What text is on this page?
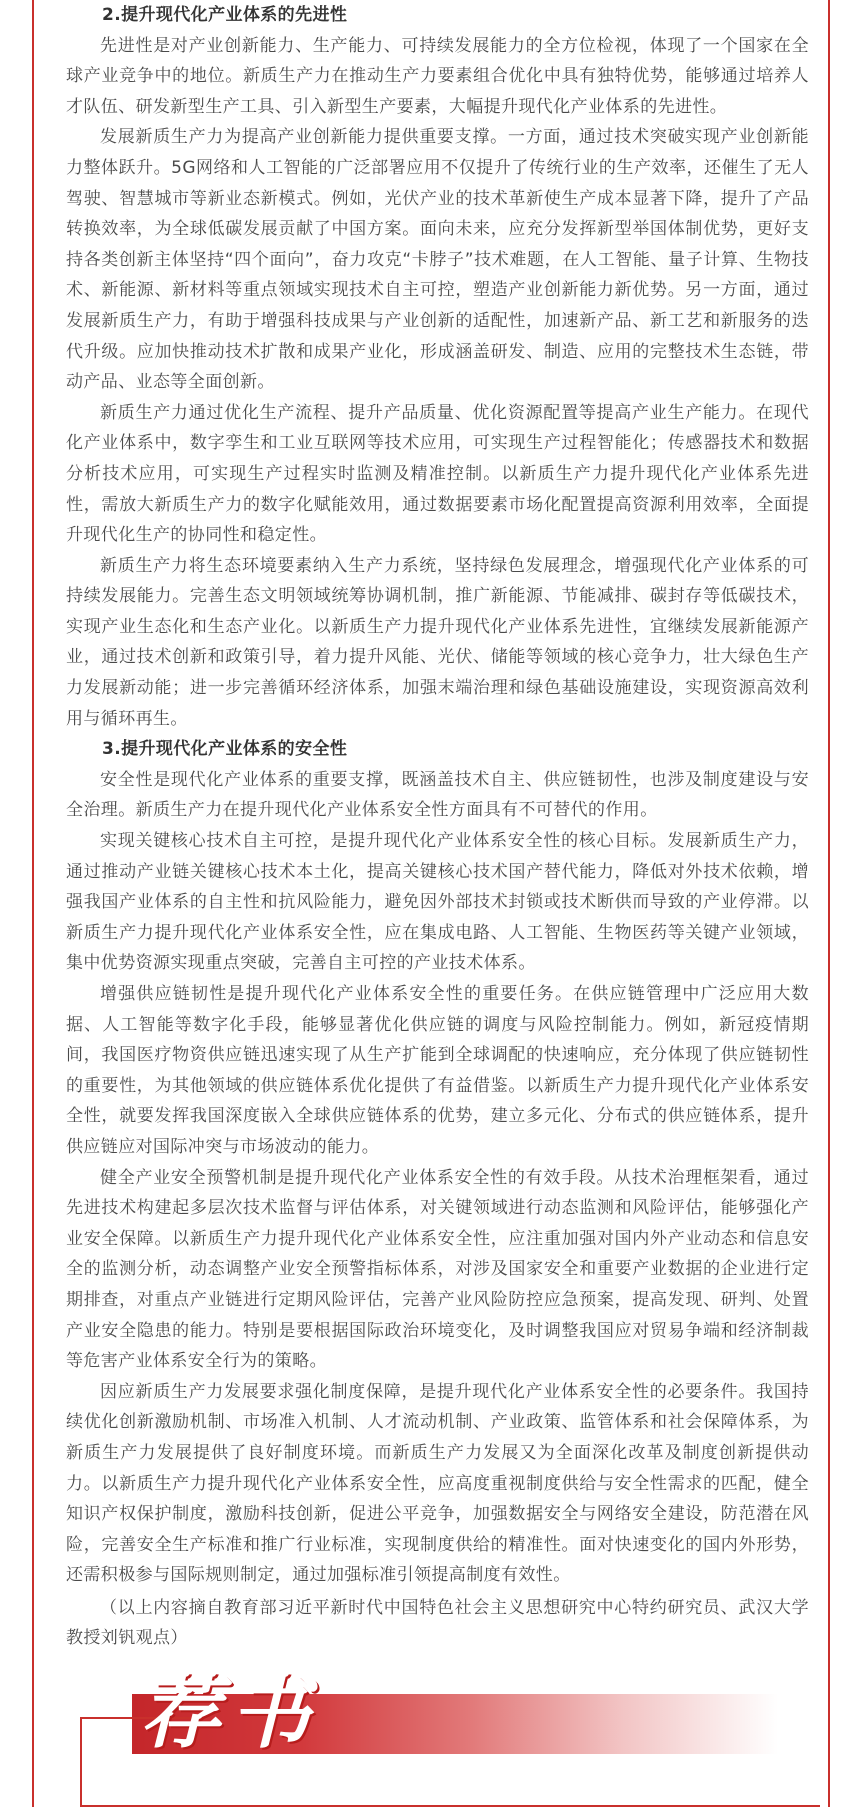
2.提升现代化产业体系的先进性

先进性是对产业创新能力、生产能力、可持续发展能力的全方位检视，体现了一个国家在全球产业竞争中的地位。新质生产力在推动生产力要素组合优化中具有独特优势，能够通过培养人才队伍、研发新型生产工具、引入新型生产要素，大幅提升现代化产业体系的先进性。

发展新质生产力为提高产业创新能力提供重要支撑。一方面，通过技术突破实现产业创新能力整体跃升。5G网络和人工智能的广泛部署应用不仅提升了传统行业的生产效率，还催生了无人驾驶、智慧城市等新业态新模式。例如，光伏产业的技术革新使生产成本显著下降，提升了产品转换效率，为全球低碳发展贡献了中国方案。面向未来，应充分发挥新型举国体制优势，更好支持各类创新主体坚持“四个面向”，奋力攻克“卡脖子”技术难题，在人工智能、量子计算、生物技术、新能源、新材料等重点领域实现技术自主可控，塑造产业创新能力新优势。另一方面，通过发展新质生产力，有助于增强科技成果与产业创新的适配性，加速新产品、新工艺和新服务的迭代升级。应加快推动技术扩散和成果产业化，形成涵盖研发、制造、应用的完整技术生态链，带动产品、业态等全面创新。

新质生产力通过优化生产流程、提升产品质量、优化资源配置等提高产业生产能力。在现代化产业体系中，数字孪生和工业互联网等技术应用，可实现生产过程智能化；传感器技术和数据分析技术应用，可实现生产过程实时监测及精准控制。以新质生产力提升现代化产业体系先进性，需放大新质生产力的数字化赋能效用，通过数据要素市场化配置提高资源利用效率，全面提升现代化生产的协同性和稳定性。

新质生产力将生态环境要素纳入生产力系统，坚持绿色发展理念，增强现代化产业体系的可持续发展能力。完善生态文明领域统筹协调机制，推广新能源、节能减排、碳封存等低碳技术，实现产业生态化和生态产业化。以新质生产力提升现代化产业体系先进性，宜继续发展新能源产业，通过技术创新和政策引导，着力提升风能、光伏、储能等领域的核心竞争力，壮大绿色生产力发展新动能；进一步完善循环经济体系，加强末端治理和绿色基础设施建设，实现资源高效利用与循环再生。

3.提升现代化产业体系的安全性

安全性是现代化产业体系的重要支撑，既涵盖技术自主、供应链韧性，也涉及制度建设与安全治理。新质生产力在提升现代化产业体系安全性方面具有不可替代的作用。

实现关键核心技术自主可控，是提升现代化产业体系安全性的核心目标。发展新质生产力，通过推动产业链关键核心技术本土化，提高关键核心技术国产替代能力，降低对外技术依赖，增强我国产业体系的自主性和抗风险能力，避免因外部技术封锁或技术断供而导致的产业停滞。以新质生产力提升现代化产业体系安全性，应在集成电路、人工智能、生物医药等关键产业领域，集中优势资源实现重点突破，完善自主可控的产业技术体系。

增强供应链韧性是提升现代化产业体系安全性的重要任务。在供应链管理中广泛应用大数据、人工智能等数字化手段，能够显著优化供应链的调度与风险控制能力。例如，新冠疫情期间，我国医疗物资供应链迅速实现了从生产扩能到全球调配的快速响应，充分体现了供应链韧性的重要性，为其他领域的供应链体系优化提供了有益借鉴。以新质生产力提升现代化产业体系安全性，就要发挥我国深度嵌入全球供应链体系的优势，建立多元化、分布式的供应链体系，提升供应链应对国际冲突与市场波动的能力。

健全产业安全预警机制是提升现代化产业体系安全性的有效手段。从技术治理框架看，通过先进技术构建起多层次技术监督与评估体系，对关键领域进行动态监测和风险评估，能够强化产业安全保障。以新质生产力提升现代化产业体系安全性，应注重加强对国内外产业动态和信息安全的监测分析，动态调整产业安全预警指标体系，对涉及国家安全和重要产业数据的企业进行定期排查，对重点产业链进行定期风险评估，完善产业风险防控应急预案，提高发现、研判、处置产业安全隐患的能力。特别是要根据国际政治环境变化，及时调整我国应对贸易争端和经济制裁等危害产业体系安全行为的策略。

因应新质生产力发展要求强化制度保障，是提升现代化产业体系安全性的必要条件。我国持续优化创新激励机制、市场准入机制、人才流动机制、产业政策、监管体系和社会保障体系，为新质生产力发展提供了良好制度环境。而新质生产力发展又为全面深化改革及制度创新提供动力。以新质生产力提升现代化产业体系安全性，应高度重视制度供给与安全性需求的匹配，健全知识产权保护制度，激励科技创新，促进公平竞争，加强数据安全与网络安全建设，防范潜在风险，完善安全生产标准和推广行业标准，实现制度供给的精准性。面对快速变化的国内外形势，还需积极参与国际规则制定，通过加强标准引领提高制度有效性。

（以上内容摘自教育部习近平新时代中国特色社会主义思想研究中心特约研究员、武汉大学教授刘钒观点）

荐 书
